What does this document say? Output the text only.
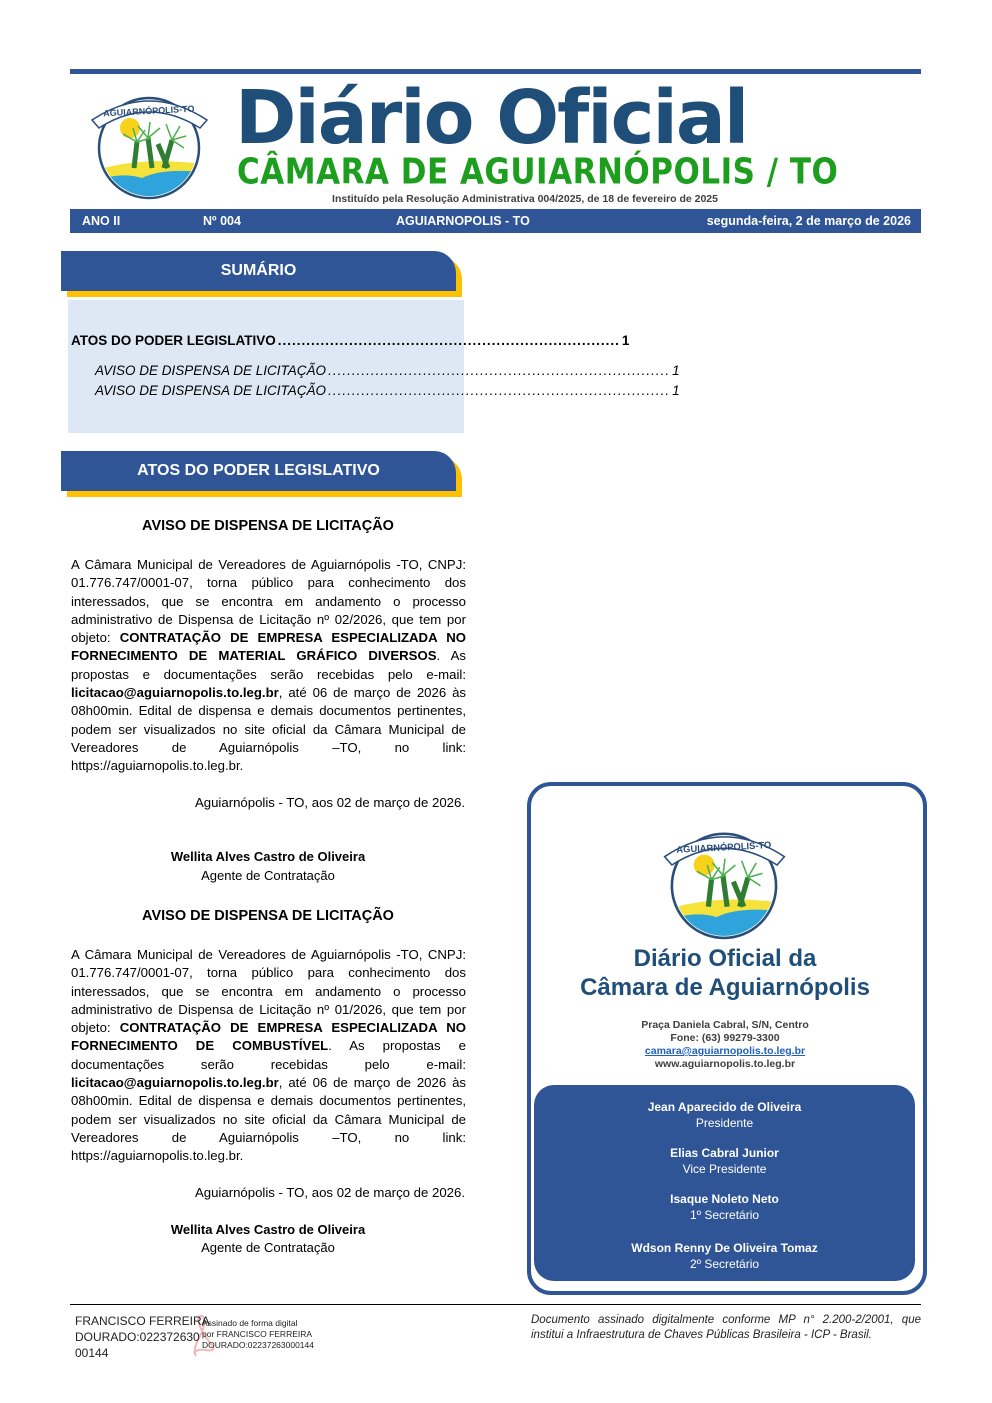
AGUIARNÓPOLIS-TO Diário Oficial
CÂMARA DE AGUIARNÓPOLIS / TO
Instituído pela Resolução Administrativa 004/2025, de 18 de fevereiro de 2025
ANO II	Nº 004	AGUIARNOPOLIS - TO	segunda-feira, 2 de março de 2026
SUMÁRIO
ATOS DO PODER LEGISLATIVO ........................................................................ 1
AVISO DE DISPENSA DE LICITAÇÃO ........................................................................ 1
AVISO DE DISPENSA DE LICITAÇÃO ........................................................................ 1
ATOS DO PODER LEGISLATIVO
AVISO DE DISPENSA DE LICITAÇÃO
A Câmara Municipal de Vereadores de Aguiarnópolis -TO, CNPJ: 01.776.747/0001-07, torna público para conhecimento dos interessados, que se encontra em andamento o processo administrativo de Dispensa de Licitação nº 02/2026, que tem por objeto: CONTRATAÇÃO DE EMPRESA ESPECIALIZADA NO FORNECIMENTO DE MATERIAL GRÁFICO DIVERSOS. As propostas e documentações serão recebidas pelo e-mail: licitacao@aguiarnopolis.to.leg.br, até 06 de março de 2026 às 08h00min. Edital de dispensa e demais documentos pertinentes, podem ser visualizados no site oficial da Câmara Municipal de Vereadores de Aguiarnópolis –TO, no link: https://aguiarnopolis.to.leg.br.
Aguiarnópolis - TO, aos 02 de março de 2026.
Wellita Alves Castro de Oliveira
Agente de Contratação
AVISO DE DISPENSA DE LICITAÇÃO
A Câmara Municipal de Vereadores de Aguiarnópolis -TO, CNPJ: 01.776.747/0001-07, torna público para conhecimento dos interessados, que se encontra em andamento o processo administrativo de Dispensa de Licitação nº 01/2026, que tem por objeto: CONTRATAÇÃO DE EMPRESA ESPECIALIZADA NO FORNECIMENTO DE COMBUSTÍVEL. As propostas e documentações serão recebidas pelo e-mail: licitacao@aguiarnopolis.to.leg.br, até 06 de março de 2026 às 08h00min. Edital de dispensa e demais documentos pertinentes, podem ser visualizados no site oficial da Câmara Municipal de Vereadores de Aguiarnópolis –TO, no link: https://aguiarnopolis.to.leg.br.
Aguiarnópolis - TO, aos 02 de março de 2026.
Wellita Alves Castro de Oliveira
Agente de Contratação
AGUIARNÓPOLIS-TO
Diário Oficial da
Câmara de Aguiarnópolis
Praça Daniela Cabral, S/N, Centro
Fone: (63) 99279-3300
camara@aguiarnopolis.to.leg.br
www.aguiarnopolis.to.leg.br
Jean Aparecido de Oliveira
Presidente
Elias Cabral Junior
Vice Presidente
Isaque Noleto Neto
1º Secretário
Wdson Renny De Oliveira Tomaz
2º Secretário
FRANCISCO FERREIRA
DOURADO:022372630
00144
Assinado de forma digital
por FRANCISCO FERREIRA
DOURADO:02237263000144
Documento assinado digitalmente conforme MP n° 2.200-2/2001, que institui a Infraestrutura de Chaves Públicas Brasileira - ICP - Brasil.
